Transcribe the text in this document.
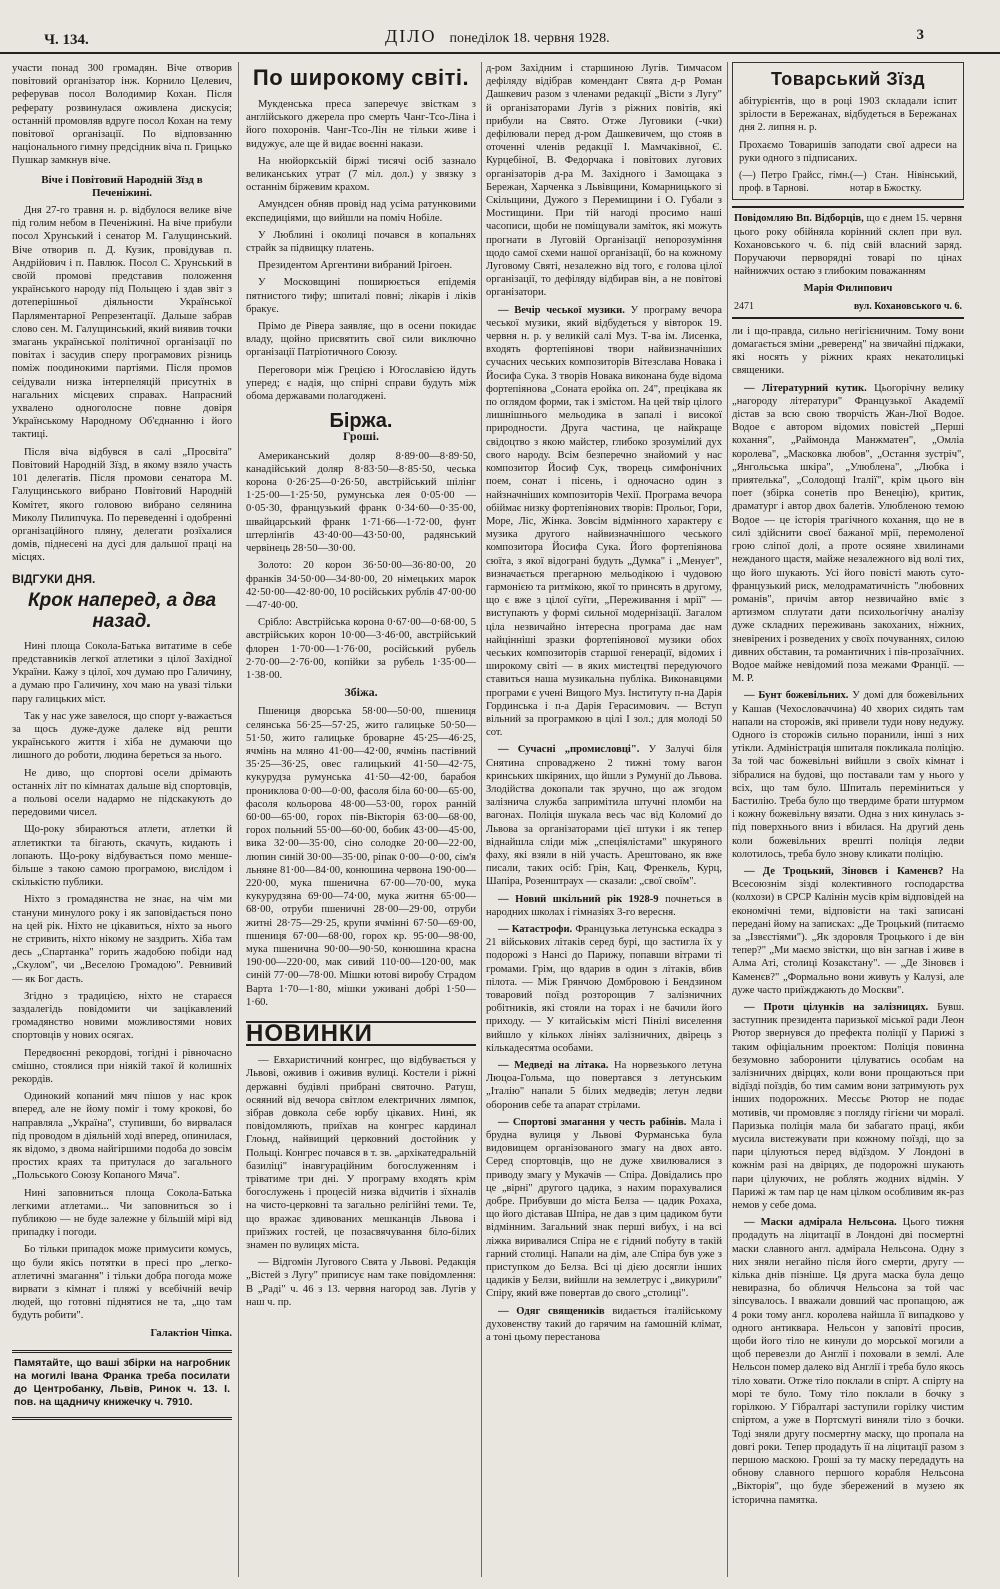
Ч. 134.	ДІЛО понеділок 18. червня 1928.	3

участи понад 300 громадян. Віче отворив повітовий організатор інж. Корнило Целевич, реферував посол Володимир Кохан. Після реферату розвинулася оживлена дискусія; останній промовляв вдруге посол Кохан на тему повітової організації. По відповзанню національного гимну предсідник віча п. Грицько Пушкар замкнув віче.

Віче і Повітовий Народній Зїзд в Печеніжині.

Дня 27-го травня н. р. відбулося велике віче під голим небом в Печеніжині. На віче прибули посол Хрунський і сенатор М. Галущинський. Віче отворив п. Д. Кузик, провідував п. Андрійович і п. Павлюк. Посол С. Хрунський в своїй промові представив положення українського народу під Польщею і здав звіт з дотеперішньої діяльности Української Парляментарної Репрезентації. Дальше забрав слово сен. М. Галущинський, який виявив точки змагань української політичної організації по повітах і засудив сперу програмових різниць поміж поодинокими партіями. Після промов сеідували низка інтерпеляцій присутніх в нагальних місцевих справах. Напрасний ухвалено одноголосне повне довіря Українському Народному Об'єднанню і його тактиці.

Після віча відбувся в салі „Просвіта" Повітовий Народній Зїзд, в якому взяло участь 101 делегатів. Після промови сенатора М. Галущинського вибрано Повітовий Народній Комітет, якого головою вибрано селянина Миколу Пилипчука. По переведенні і одобренні організаційного пляну, делегати розїхалися домів, піднесені на дусі для дальшої праці на місцях.

ВІДГУКИ ДНЯ.
Крок наперед, а два назад.

Нині площа Сокола-Батька витатиме в себе представників легкої атлетики з цілої Західної України. Кажу з цілої, хоч думаю про Галичину, а думаю про Галичину, хоч маю на увазі тільки пару галицьких міст.

Так у нас уже завелося, що спорт у-важається за щось дуже-дуже далеке від решти українського життя і хіба не думаючи що лишного до роботи, людина береться за нього.

Не диво, що спортові осели дрімають останніх літ по кімнатах дальше від спортовців, а польові осели надармо не підскакують до передовими чисел.

Що-року збираються атлети, атлетки й атлетиктки та бігають, скачуть, кидають і лопають. Що-року відбувається помо менше-більше з такою самою програмою, вислідом і скількістю публики.

Ніхто з громадянства не знає, на чім ми стануни минулого року і як заповідається поно на цей рік. Ніхто не цікавиться, ніхто за нього не стривить, ніхто нікому не заздрить. Хіба там десь „Спартанка" горить жадобою побіди над „Скулом", чи „Веселою Громадою". Ревнивий — як Бог дасть.

Згідно з традицією, ніхто не стараєся заздалегідь повідомити чи зацікавлений громадянство новими можливостями нових спортовців у нових осягах.

Передвоєнні рекордові, тогідні і рівночасно смішно, стоялися при ніякій такої й колишніх рекордів.

Одинокий копаний мяч пішов у нас крок вперед, але не йому поміг і тому крокові, бо направляла „Україна", ступивши, бо вирвалася під проводом в діяльній ході вперед, опинилася, як відомо, з двома найгіршими подоба до зовсім простих краях та притулася до загального „Польського Союзу Копаного Мяча".

Нині заповниться площа Сокола-Батька легкими атлетами... Чи заповниться зо і публикою — не буде залежне у більшій мірі від припадку і погоди.

Бо тільки припадок може примусити комусь, що були якісь потятки в пресі про „легко-атлетичні змагання" і тільки добра погода може вирвати з кімнат і пляжі у всебічній вечір людей, що готовні піднятися не та, „що там будуть робити".

Галактіон Чіпка.

Памятайте, що ваші збірки на нагробник на могилі Івана Франка треба посилати до Центробанку, Львів, Ринок ч. 13. І. пов. на щадничу книжечку ч. 7910.

По широкому світі.

Мукденська преса заперечує звісткам з англійського джерела про смерть Чанг-Тсо-Ліна і його похоронів. Чанг-Тсо-Лін не тільки живе і видужує, але ще й видає воєнні накази.

На нюйоркській біржі тисячі осіб зазнало великанських утрат (7 міл. дол.) у звязку з останнім біржевим крахом.

Амундсен обняв провід над усіма ратунковими експедиціями, що вийшли на поміч Нобіле.

У Люблині і околиці почався в копальнях страйк за підвищку платень.

Президентом Аргентини вибраний Ірігоен.

У Московщині поширюється епідемія пятнистого тифу; шпиталі повні; лікарів і ліків бракує.

Прімо де Рівера заявляє, що в осени покидає владу, щойно присвятить свої сили виключно організації Патріотичного Союзу.

Переговори між Грецією і Югославією йдуть уперед; є надія, що спірні справи будуть між обома державами полагоджені.

Біржа.
Гроші.

Американський доляр 8·89·00—8·89·50, канадійський доляр 8·83·50—8·85·50, чеська корона 0·26·25—0·26·50, австрійський шілінг 1·25·00—1·25·50, румунська лея 0·05·00 —0·05·30, французький франк 0·34·60—0·35·00, швайцарський франк 1·71·66—1·72·00, фунт штерлінґів 43·40·00—43·50·00, радянський червінець 28·50—30·00.

Золото: 20 корон 36·50·00—36·80·00, 20 франків 34·50·00—34·80·00, 20 німецьких марок 42·50·00—42·80·00, 10 російських рублів 47·00·00—47·40·00.

Срібло: Австрійська корона 0·67·00—0·68·00, 5 австрійських корон 10·00—3·46·00, австрійський флорен 1·70·00—1·76·00, російський рубель 2·70·00—2·76·00, копійки за рубель 1·35·00—1·38·00.

Збіжа.

Пшениця дворська 58·00—50·00, пшениця селянська 56·25—57·25, жито галицьке 50·50—51·50, жито галицьке броварне 45·25—46·25, ячмінь на мляно 41·00—42·00, ячмінь пастівний 35·25—36·25, овес галицький 41·50—42·75, кукурудза румунська 41·50—42·00, барабоя прониклова 0·00—0·00, фасоля біла 60·00—65·00, фасоля кольорова 48·00—53·00, горох ранній 60·00—65·00, горох пів-Вікторія 63·00—68·00, горох польний 55·00—60·00, бобик 43·00—45·00, вика 32·00—35·00, сіно солодке 20·00—22·00, люпин синій 30·00—35·00, ріпак 0·00—0·00, сім'я льняне 81·00—84·00, конюшина червона 190·00—220·00, мука пшенична 67·00—70·00, мука кукурудзяна 69·00—74·00, мука житня 65·00—68·00, отруби пшеничні 28·00—29·00, отруби житні 28·75—29·25, крупи ячмінні 67·50—69·00, пшениця 67·00—68·00, горох кр. 95·00—98·00, мука пшенична 90·00—90·50, конюшина красна 190·00—220·00, мак сивий 110·00—120·00, мак синій 77·00—78·00. Мішки ютові виробу Страдом Варта 1·70—1·80, мішки уживані добрі 1·50—1·60.

НОВИНКИ

— Евхаристичний конгрес, що відбувається у Львові, оживив і оживив вулиці. Костели і ріжні державні будівлі прибрані святочно. Ратуш, осяяний від вечора світлом електричних лямпок, зібрав довкола себе юрбу цікавих. Нині, як повідомляють, приїхав на конгрес кардинал Глоьнд, найвищий церковний достойник у Польщі. Конгрес почався в т. зв. „архікатедральній базиліці" інавгураційним богослуженням і тріватиме три дні. У програму входять крім богослужень і процесій низка відчитів і зїхналів на чисто-церковні та загально релігійні теми. Те, що вражає здивованих мешканців Львова і приїзжих гостей, це позасвячування біло-білих знамен по вулицях міста.

— Відгомін Лугового Свята у Львові. Редакція „Вістей з Лугу" приписує нам таке повідомлення: В „Раді" ч. 46 з 13. червня нагород зав. Лугів у наш ч. пр.

д-ром Західним і старшиною Лугів. Тимчасом дефіляду відібрав комендант Свята д-р Роман Дашкевич разом з членами редакції „Вісти з Лугу" й організаторами Лугів з ріжних повітів, які прибули на Свято. Отже Луговики (-чки) дефілювали перед д-ром Дашкевичем, що стояв в оточенні членів редакції І. Мамчаківної, Є. Курцебіної, В. Федорчака і повітових лугових організаторів д-ра М. Західного і Замощака з Бережан, Харченка з Львівщини, Комарницького зі Скільщини, Дужого з Перемищини і О. Губали з Мостищини. При тій нагоді просимо наші часописи, щоби не поміщували заміток, які можуть прогнати в Луговій Організації непорозуміння щодо самої схеми нашої організації, бо на кожному Луговому Святі, незалежно від того, є голова цілої організації, то дефіляду відбирав він, а не повітові організатори.

— Вечір чеської музики. У програму вечора чеської музики, який відбудеться у вівторок 19. червня н. р. у великій салі Муз. Т-ва ім. Лисенка, входять фортепіянові твори найвизначніших сучасних чеських композиторів Вітезслава Новака і Йосифа Сука. З творів Новака виконана буде відома фортепіянова „Соната еройка оп. 24", прецікава як по оглядом форми, так і змістом. На цей твір цілого лишнішнього мельодика в запалі і високої природности. Друга частина, це найкраще свідоцтво з якою майстер, глибоко зрозумілий дух свого народу. Всім безперечно знайомий у нас композитор Йосиф Сук, творець симфонічних поем, сонат і пісень, і одночасно один з найзначніших композиторів Чехії. Програма вечора обіймає низку фортепіянових творів: Прольог, Гори, Море, Ліс, Жінка. Зовсім відмінного характеру є музика другого найвизначнішого чеського композитора Йосифа Сука. Його фортепіянова сюїта, з якої відограні будуть „Думка" і „Менует", визначається прегарною мельодікою і чудовою гармонією та ритмікою, якої то принсять в другому, що є вже з цілої суїти, „Переживання і мрії" — виступають у формі сильної модернізації. Загалом ціла незвичайно інтересна програма дає нам найцінніші зразки фортепіянової музики обох чеських композиторів старшої генерації, відомих і широкому світі — в яких мистецтві передуючого ставиться наша музикальна публіка. Виконавцями програми є учені Вищого Муз. Інституту п-на Дарія Гординська і п-а Дарія Герасимович. — Вступ вільний за програмкою в цілі І зол.; для молоді 50 сот.

— Сучасні „промисловці". У Залучі біля Снятина спроваджено 2 тижні тому вагон кринських шкіряних, що йшли з Румунії до Львова. Злодійства докопали так зручно, що аж згодом залізнича служба запримітила штучні пломби на вагонах. Поліція шукала весь час від Коломиї до Львова за організаторами цієї штуки і як тепер віднайшла сліди між „спеціялістами" шкуряного фаху, які взяли в ній участь. Арештовано, як вже писали, таких осіб: Грін, Кац, Френкель, Курц, Шапіра, Розенштраух — сказали: „свої своїм".

— Новий шкільний рік 1928-9 почнеться в народних школах і гімназіях 3-го вересня.

— Катастрофи. Французька летунська ескадра з 21 військових літаків серед бурі, що застигла їх у подорожі з Нансі до Парижу, попавши вітрами ті громами. Грім, що вдарив в один з літаків, вбив пілота. — Між Грянчою Домбровою і Бендзином товаровий поїзд розторощив 7 залізничних робітників, які стояли на торах і не бачили його приходу. — У китайськім місті Пінілі виселення вийшло у кількох лініях залізничних, двірець з кількадесятма особами.

— Медведі на літака. На норвезького летуна Люцоа-Гольма, що повертався з летунським „Італію" напали 5 білих медведів; летун ледви оборонив себе та апарат стрілами.

— Спортові змагання у честь рабінів. Мала і брудна вулиця у Львові Фурманська була видовищем організованого змагу на двох авто. Серед спортовців, що не дуже хвилювалися з приводу змагу у Мукачів — Спіра. Довідались про це „вірні" другого цадика, з нахим порахувалися добре. Прибувши до міста Белза — цадик Рохаха, що його діставав Шпіра, не дав з цим цадиком бути відмінним. Загальний знак перші вибух, і на всі ліжка виривалися Спіра не є гідний побуту в такій гарний столиці. Напали на дім, але Спіра був уже з приступком до Белза. Всі ці дією досягли інших цадиків у Белзи, вийшли на землетрус і „викурили" Спіру, який вже повертав до свого „столиці".

— Одяг священиків видається італійському духовенству такий до гарячим на ґамошній клімат, а тоні цьому перестанова

Товарський Зїзд

абітурієнтів, що в році 1903 складали іспит зрілости в Бережанах, відбудеться в Бережанах дня 2. липня н. р.

Прохаємо Товаришів заподати свої адреси на руки одного з підписаних.

(—) Петро Грайсс, гімн. проф. в Тарнові.
(—) Стан. Нівінський, нотар в Бжостку.

Повідомляю Вп. Відборців, що є днем 15. червня цього року обійняла корінний склеп при вул. Кохановського ч. 6. під свій власний заряд. Поручаючи перворядні товарі по цінах найнижчих остаю з глибоким поважанням

Марія Филипович

2471	вул. Кохановського ч. 6.

ли і що-правда, сильно негігієничним. Тому вони домагається зміни „реверенд" на звичайні піджаки, які носять у ріжних краях некатолицькі священики.

— Літературний кутик. Цьогорічну велику „нагороду літератури" Французької Академії дістав за всю свою творчість Жан-Люї Водое. Водое є автором відомих повістей „Перші кохання", „Раймонда Манжматен", „Омліа королева", „Масковка любов", „Остання зустріч", „Янгольська шкіра", „Улюблена", „Любка і приятелька", „Солодощі Італії", крім цього він поет (збірка сонетів про Венецію), критик, драматург і автор двох балетів. Улюбленою темою Водое — це історія трагічного кохання, що не в силі здійснити своєї бажаної мрії, перемоленої грою сліпої долі, а проте осяяне хвилинами нежданого щастя, майже незалежного від волі тих, що його шукають. Усі його повісті мають суто-французький риск, мелодраматичність "любовних романів", причім автор незвичайно вміє з артизмом сплутати дати психольогічну аналізу дуже складних переживань закоханих, ніжних, зневірених і розведених у своїх почуваннях, силою дивних обставин, та романтичних і пів-прозаїчних. Водое майже невідомий поза межами Франції. — М. Р.

— Бунт божевільних. У домі для божевільних у Кашав (Чехословаччина) 40 хворих сидять там напали на сторожів, які привели туди нову недужу. Одного із сторожів сильно поранили, інші з них утікли. Адміністрація шпиталя покликала поліцію. За той час божевільні вийшли з своїх кімнат і зібралися на будові, що поставали там у нього у всіх, що там було. Шпиталь переміниться у Бастилію. Треба було що твердиме брати штурмом і кожну божевільну вязати. Одна з них кинулась з-під поверхнього вниз і вбилася. На другий день коли божевільних врешті поліція ледви колотилось, треба було знову кликати поліцію.

— Де Троцький, Зіновєв і Каменєв? На Всесоюзнім зізді колективного господарства (колхози) в СРСР Калінін мусів крім відповідей на економічні теми, відповісти на такі записані передані йому на записках: „Де Троцький (питаємо за „Ізвєстіями"). „Як здоровля Троцького і де він тепер?" „Ми маємо звістки, що він загнав і живе в Алма Аті, столиці Козакстану". — „Де Зіновєв і Каменєв?" „Формально вони живуть у Калузі, але дуже часто приїжджають до Москви".

— Проти цілунків на залізницях. Бувш. заступник президента паризької міської ради Леон Рютор звернувся до префекта поліції у Парижі з таким офіціальним проектом: Поліція повинна безумовно заборонити цілуватись особам на залізничних двірцях, коли вони прощаються при відїзді поїздів, бо тим самим вони затримують рух інших подорожних. Мессьє Рютор не подає мотивів, чи промовляє з погляду гігієни чи моралі. Паризька поліція мала би забагато праці, якби мусила вистежувати при кожному поїзді, що за пари цілуються перед відїздом. У Лондоні в кожнім разі на двірцях, де подорожні шукають пари цілуючих, не роблять жодних відмін. У Парижі ж там пар це нам цілком особливим як-раз немов у себе дома.

— Маски адмірала Нельсона. Цього тижня продадуть на ліцитації в Лондоні дві посмертні маски славного англ. адмірала Нельсона. Одну з них зняли негайно після його смерти, другу — кілька днів пізніше. Ця друга маска була дещо невиразна, бо обличчя Нельсона за той час зіпсувалось. І вважали довший час пропащою, аж 4 роки тому англ. королева найшла її випадково у одного антиквара. Нельсон у заповіті просив, щоби його тіло не кинули до морської могили а щоб перевезли до Англії і поховали в землі. Але Нельсон помер далеко від Англії і треба було якось тіло ховати. Отже тіло поклали в спірт. А спірту на морі те було. Тому тіло поклали в бочку з горілкою. У Гібралтарі заступили горілку чистим спіртом, а уже в Портсмуті виняли тіло з бочки. Тоді зняли другу посмертну маску, що пропала на довгі роки. Тепер продадуть її на ліцитації разом з першою маскою. Гроші за ту маску передадуть на обнову славного першого корабля Нельсона „Вікторія", що буде збережений в музею як історична памятка.
